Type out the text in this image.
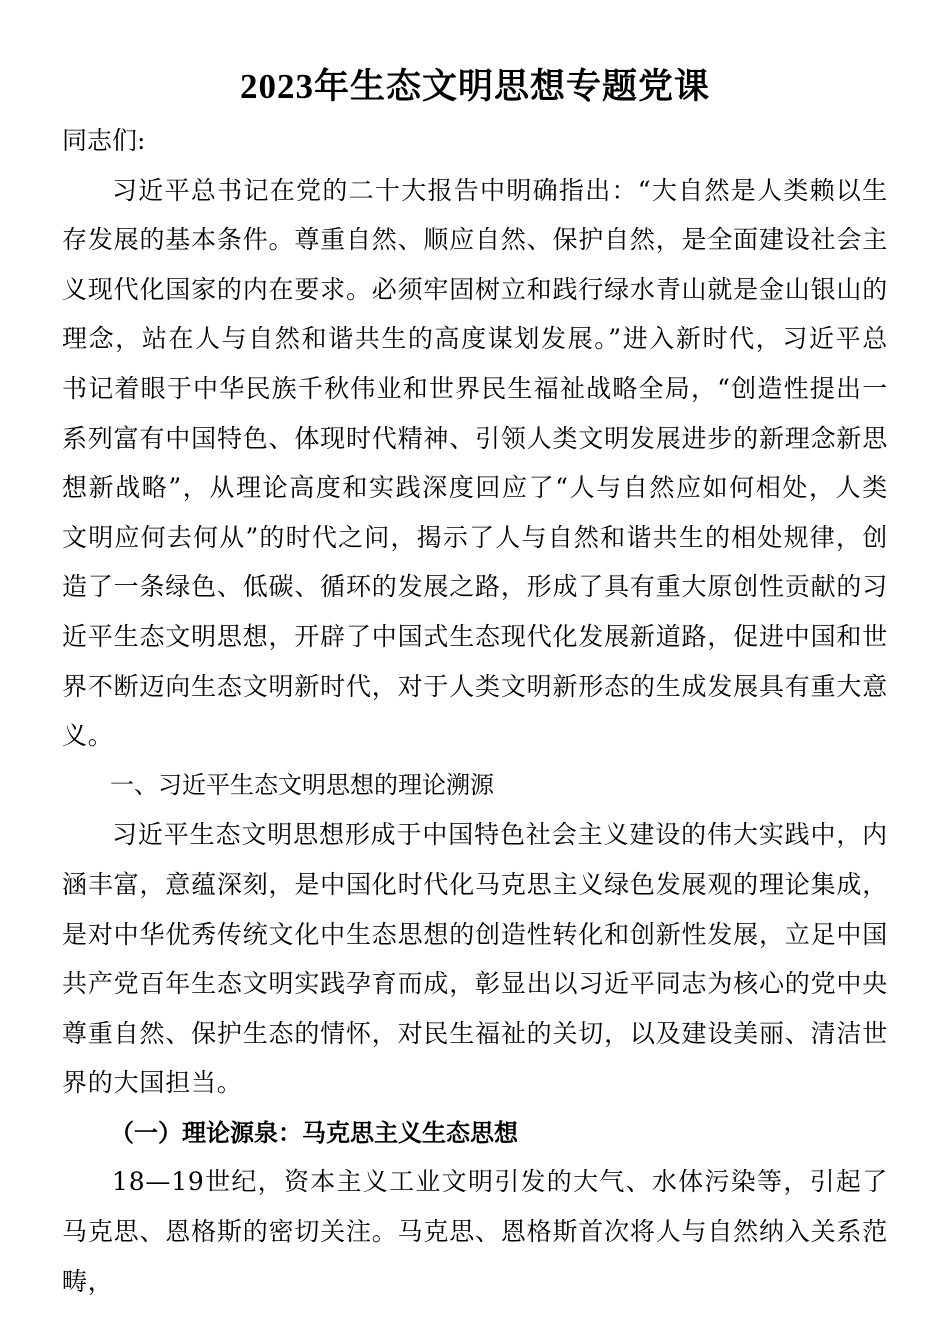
2023年生态文明思想专题党课

同志们:

习近平总书记在党的二十大报告中明确指出：“大自然是人类赖以生存发展的基本条件。尊重自然、顺应自然、保护自然，是全面建设社会主义现代化国家的内在要求。必须牢固树立和践行绿水青山就是金山银山的理念，站在人与自然和谐共生的高度谋划发展。”进入新时代，习近平总书记着眼于中华民族千秋伟业和世界民生福祉战略全局，“创造性提出一系列富有中国特色、体现时代精神、引领人类文明发展进步的新理念新思想新战略”，从理论高度和实践深度回应了“人与自然应如何相处，人类文明应何去何从”的时代之问，揭示了人与自然和谐共生的相处规律，创造了一条绿色、低碳、循环的发展之路，形成了具有重大原创性贡献的习近平生态文明思想，开辟了中国式生态现代化发展新道路，促进中国和世界不断迈向生态文明新时代，对于人类文明新形态的生成发展具有重大意义。

一、习近平生态文明思想的理论溯源

习近平生态文明思想形成于中国特色社会主义建设的伟大实践中，内涵丰富，意蕴深刻，是中国化时代化马克思主义绿色发展观的理论集成，是对中华优秀传统文化中生态思想的创造性转化和创新性发展，立足中国共产党百年生态文明实践孕育而成，彰显出以习近平同志为核心的党中央尊重自然、保护生态的情怀，对民生福祉的关切，以及建设美丽、清洁世界的大国担当。

（一）理论源泉：马克思主义生态思想

18—19世纪，资本主义工业文明引发的大气、水体污染等，引起了马克思、恩格斯的密切关注。马克思、恩格斯首次将人与自然纳入关系范畴，
